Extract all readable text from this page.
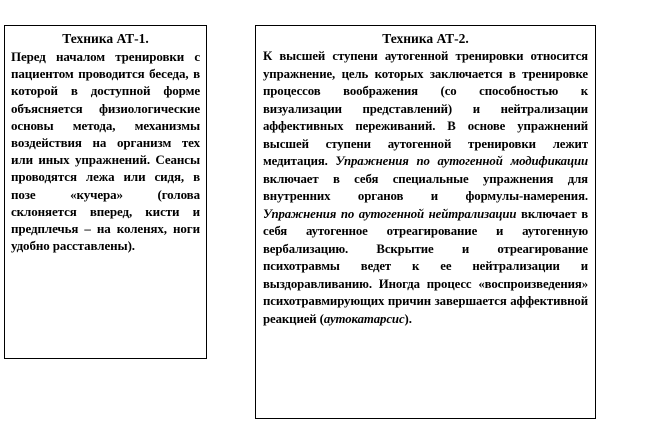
Техника АТ-1.

Перед началом тренировки с пациентом проводится беседа, в которой в доступной форме объясняется физиологические основы метода, механизмы воздействия на организм тех или иных упражнений. Сеансы проводятся лежа или сидя, в позе «кучера» (голова склоняется вперед, кисти и предплечья – на коленях, ноги удобно расставлены).

Техника АТ-2.

К высшей ступени аутогенной тренировки относится упражнение, цель которых заключается в тренировке процессов воображения (со способностью к визуализации представлений) и нейтрализации аффективных переживаний. В основе упражнений высшей ступени аутогенной тренировки лежит медитация. Упражнения по аутогенной модификации включает в себя специальные упражнения для внутренних органов и формулы-намерения. Упражнения по аутогенной нейтрализации включает в себя аутогенное отреагирование и аутогенную вербализацию. Вскрытие и отреагирование психотравмы ведет к ее нейтрализации и выздоравливанию. Иногда процесс «воспроизведения» психотравмирующих причин завершается аффективной реакцией (аутокатарсис).
